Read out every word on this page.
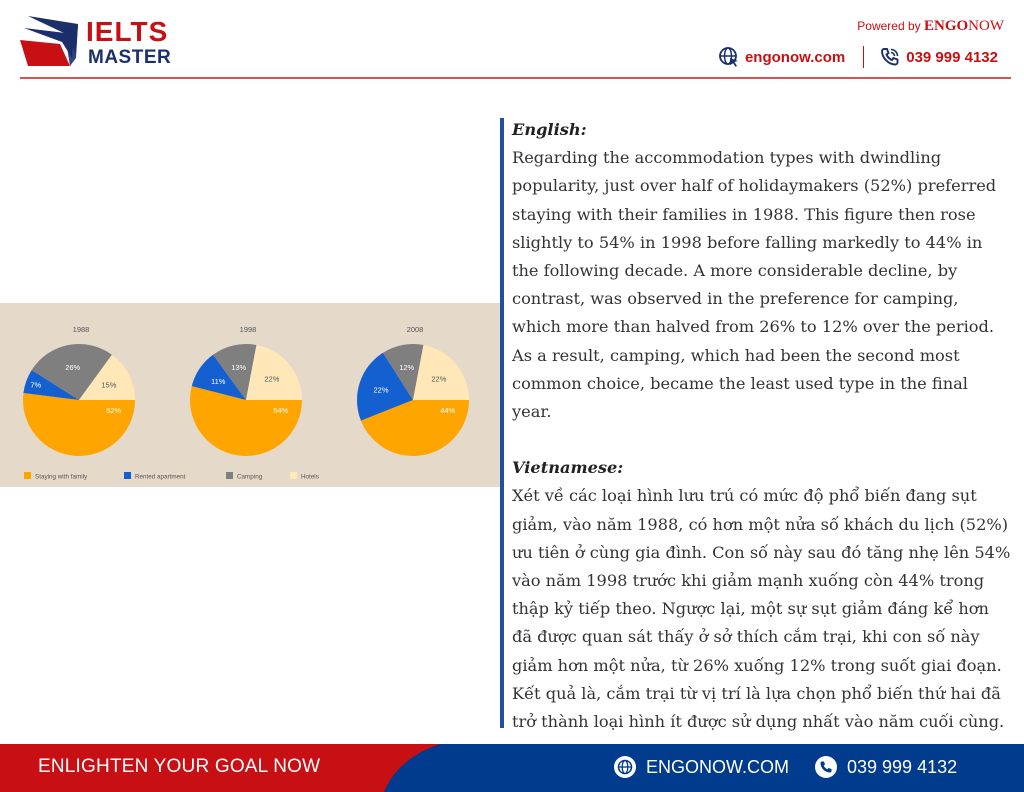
IELTS
MASTER
Powered by ENGONOW
engonow.com	039 999 4132
1988
52%
7%
26%
15%
1998
54%
11%
13%
22%
2008
44%
22%
12%
22%
Staying with family	Rented apartment	Camping	Hotels

English:

Regarding the accommodation types with dwindling popularity, just over half of holidaymakers (52%) preferred staying with their families in 1988. This figure then rose slightly to 54% in 1998 before falling markedly to 44% in the following decade. A more considerable decline, by contrast, was observed in the preference for camping, which more than halved from 26% to 12% over the period. As a result, camping, which had been the second most common choice, became the least used type in the final year.

Vietnamese:

Xét về các loại hình lưu trú có mức độ phổ biến đang sụt giảm, vào năm 1988, có hơn một nửa số khách du lịch (52%) ưu tiên ở cùng gia đình. Con số này sau đó tăng nhẹ lên 54% vào năm 1998 trước khi giảm mạnh xuống còn 44% trong thập kỷ tiếp theo. Ngược lại, một sự sụt giảm đáng kể hơn đã được quan sát thấy ở sở thích cắm trại, khi con số này giảm hơn một nửa, từ 26% xuống 12% trong suốt giai đoạn. Kết quả là, cắm trại từ vị trí là lựa chọn phổ biến thứ hai đã trở thành loại hình ít được sử dụng nhất vào năm cuối cùng.

ENLIGHTEN YOUR GOAL NOW	ENGONOW.COM	039 999 4132
